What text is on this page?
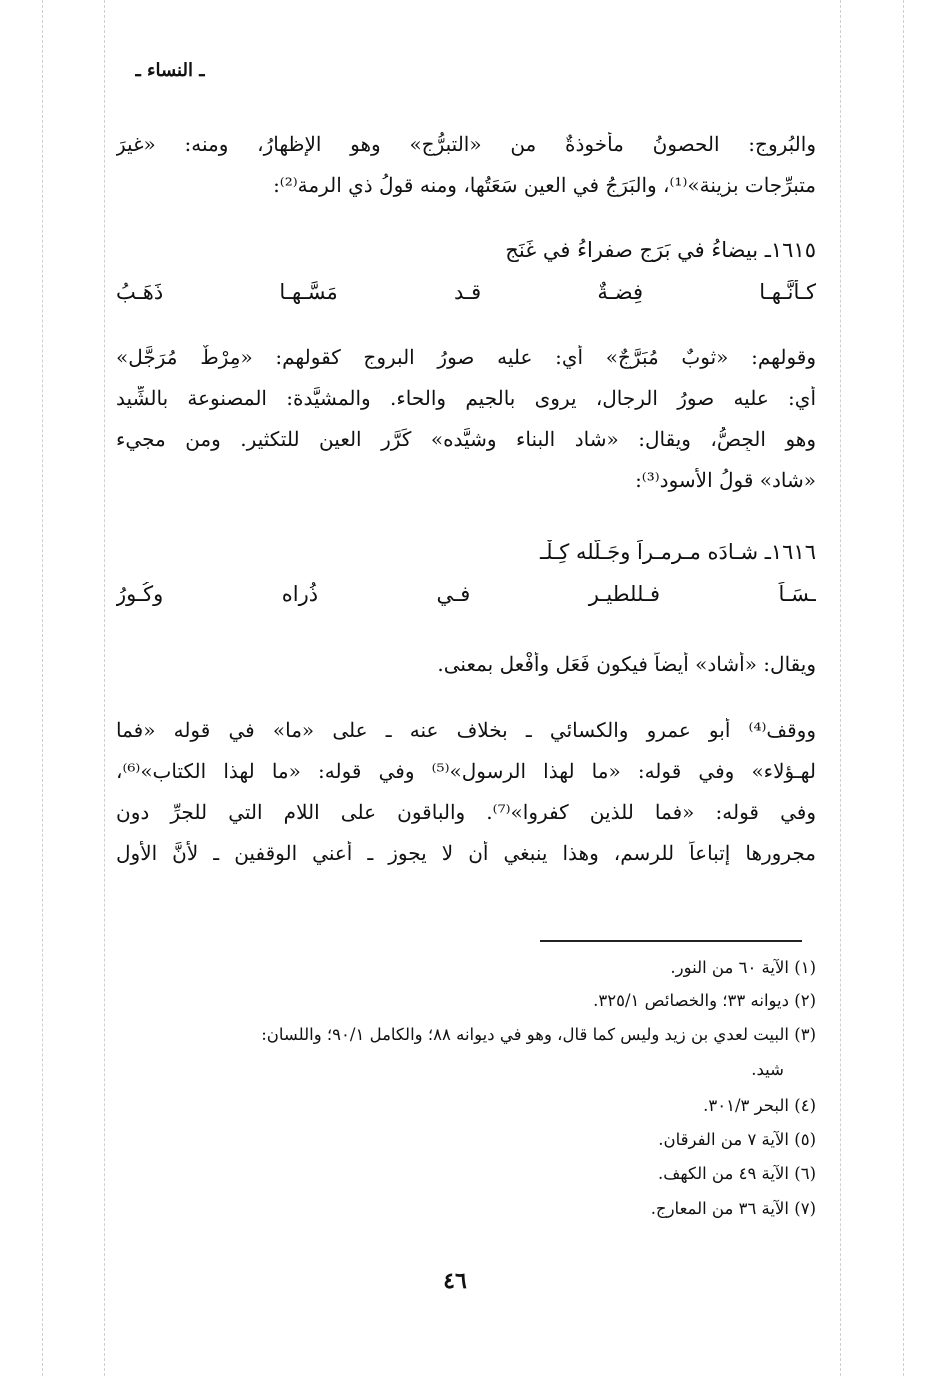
ـ النساء ـ
والبُروج: الحصونُ مأخوذةٌ من «التبرُّج» وهو الإظهارُ، ومنه: «غيرَ
متبرِّجات بزينة»⁽¹⁾، والبَرَجُ في العين سَعَتُها، ومنه قولُ ذي الرمة⁽²⁾:
١٦١٥ـ بيضاءُ في بَرَجٍ صفراءُ في غَنَجٍ
كـأنَّـهـا فِضـةٌ قـد مَسَّـهـا ذَهَـبُ
وقولهم: «ثوبٌ مُبَرَّجٌ» أي: عليه صورُ البروج كقولهم: «مِرْطٌ مُرَجَّل»
أي: عليه صورُ الرجال، يروى بالجيم والحاء. والمشيَّدة: المصنوعة بالشِّيد
وهو الجِصُّ، ويقال: «شاد البناء وشيَّده» كَرَّر العين للتكثير. ومن مجيء
«شاد» قولُ الأسود⁽³⁾:
١٦١٦ـ شـادَه مـرمـراً وجَـلَّله كِـلْـ
ـسَـاً فـللطيـرِ فـي ذُراه وكُـورُ
ويقال: «أشاد» أيضاً فيكون فَعَل وأَفْعل بمعنى.
ووقف⁽⁴⁾ أبو عمرو والكسائي ـ بخلاف عنه ـ على «ما» في قوله «فما
لهـؤلاء» وفي قوله: «ما لهذا الرسول»⁽⁵⁾ وفي قوله: «ما لهذا الكتاب»⁽⁶⁾،
وفي قوله: «فما للذين كفروا»⁽⁷⁾. والباقون على اللام التي للجرِّ دون
مجرورها إتباعاً للرسم، وهذا ينبغي أن لا يجوز ـ أعني الوقفين ـ لأنَّ الأول
(١) الآية ٦٠ من النور.
(٢) ديوانه ٣٣؛ والخصائص ٣٢٥/١.
(٣) البيت لعدي بن زيد وليس كما قال، وهو في ديوانه ٨٨؛ والكامل ٩٠/١؛ واللسان:
شيد.
(٤) البحر ٣٠١/٣.
(٥) الآية ٧ من الفرقان.
(٦) الآية ٤٩ من الكهف.
(٧) الآية ٣٦ من المعارج.
٤٦
